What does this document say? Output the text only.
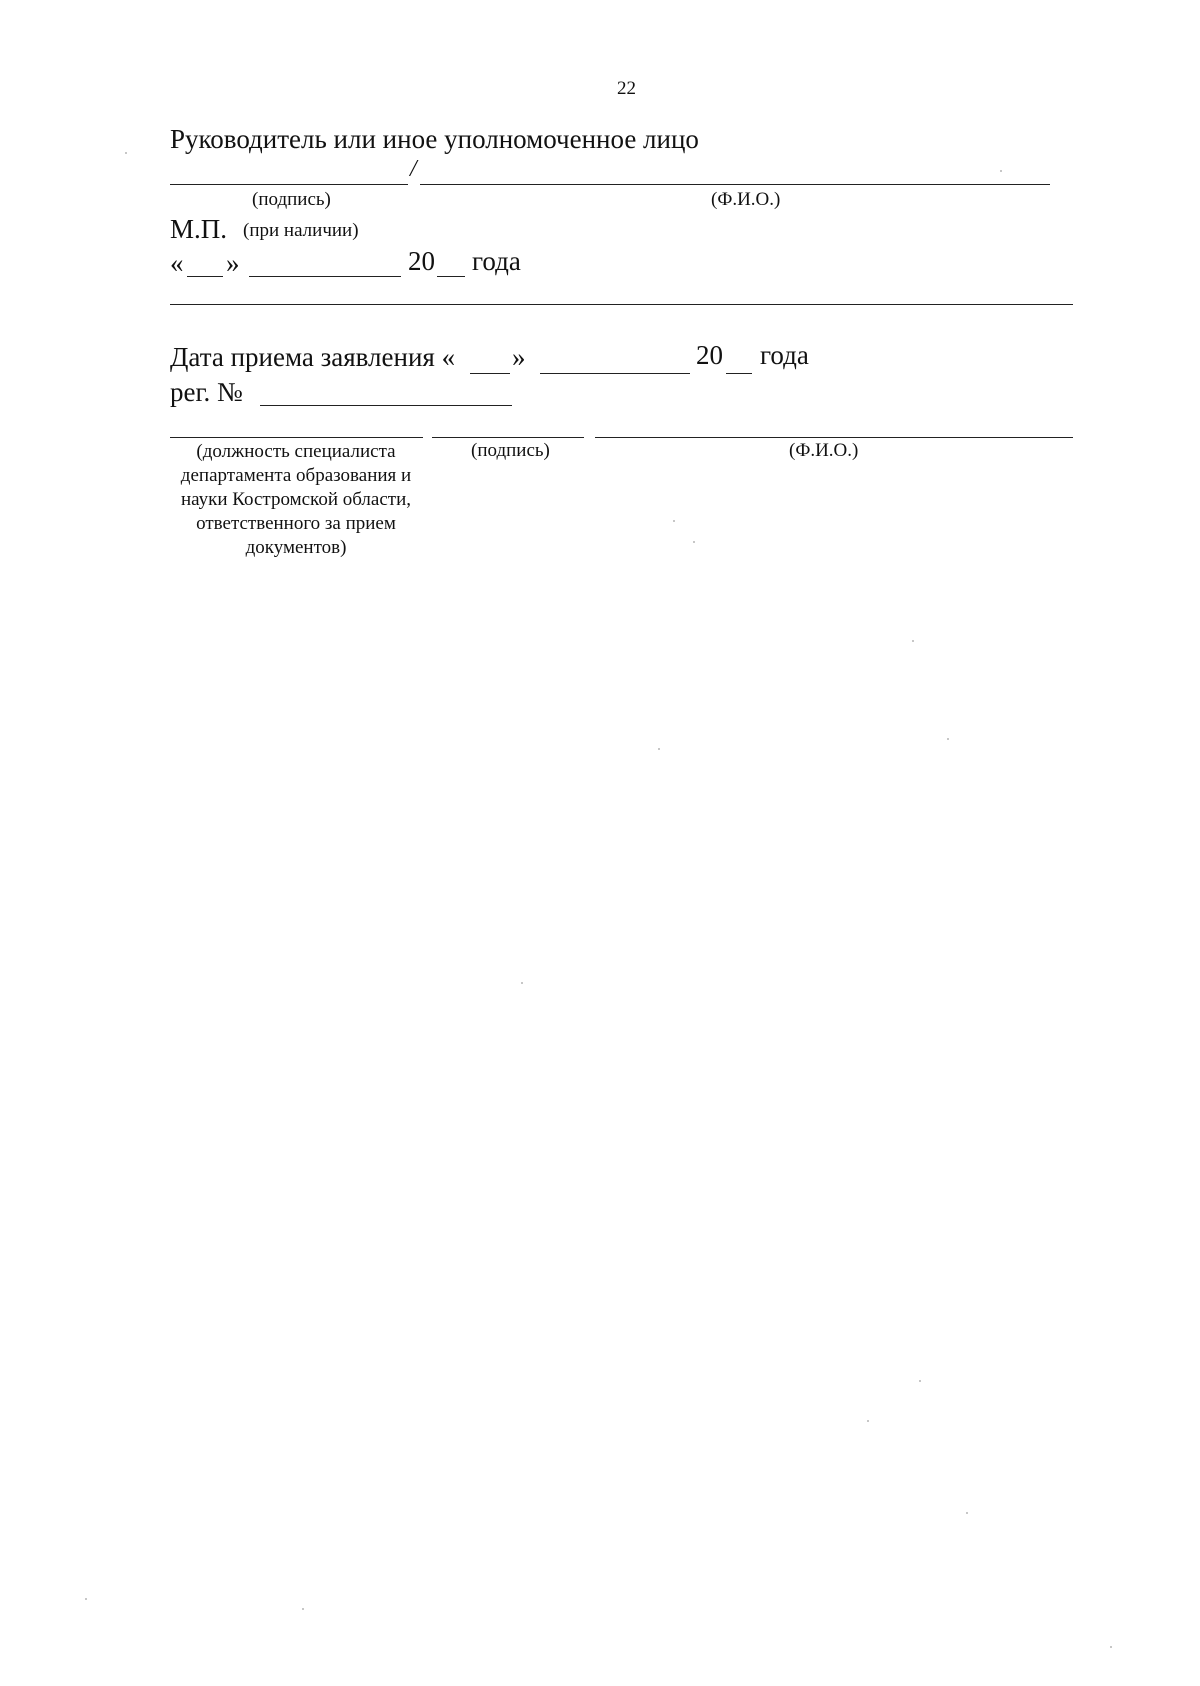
22
Руководитель или иное уполномоченное лицо
/
(подпись)	(Ф.И.О.)
М.П. (при наличии)
« »	20 года
Дата приема заявления « »	20 года
рег. №
(должность специалиста департамента образования и науки Костромской области, ответственного за прием документов)
(подпись)	(Ф.И.О.)
